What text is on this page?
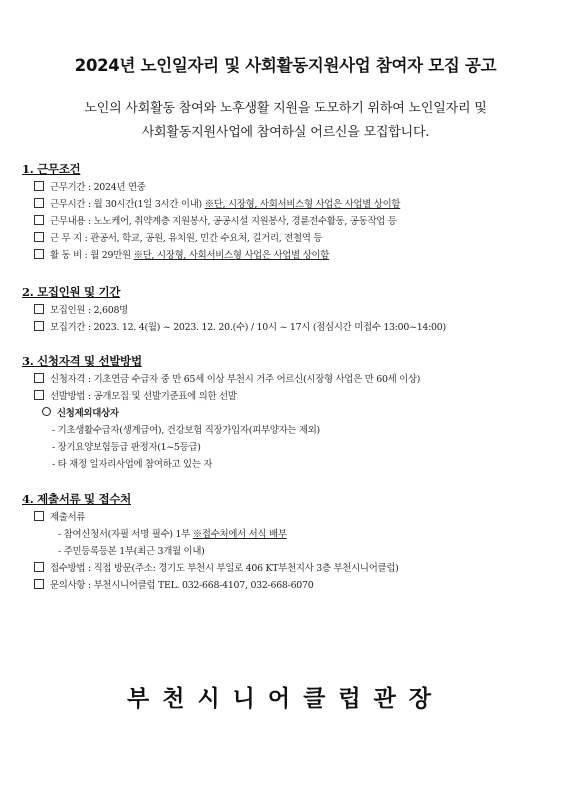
2024년 노인일자리 및 사회활동지원사업 참여자 모집 공고
노인의 사회활동 참여와 노후생활 지원을 도모하기 위하여 노인일자리 및
사회활동지원사업에 참여하실 어르신을 모집합니다.
1. 근무조건
근무기간 : 2024년 연중
근무시간 : 월 30시간(1일 3시간 이내) ※단, 시장형, 사회서비스형 사업은 사업별 상이함
근무내용 : 노노케어, 취약계층 지원봉사, 공공시설 지원봉사, 경륜전수활동, 공동작업 등
근 무 지 : 관공서, 학교, 공원, 유치원, 민간 수요처, 길거리, 전철역 등
활 동 비 : 월 29만원 ※단, 시장형, 사회서비스형 사업은 사업별 상이함
2. 모집인원 및 기간
모집인원 : 2,608명
모집기간 : 2023. 12. 4(월) ~ 2023. 12. 20.(수) / 10시 ~ 17시 (점심시간 미접수 13:00~14:00)
3. 신청자격 및 선발방법
신청자격 : 기초연금 수급자 중 만 65세 이상 부천시 거주 어르신(시장형 사업은 만 60세 이상)
선발방법 : 공개모집 및 선발기준표에 의한 선발
신청제외대상자
- 기초생활수급자(생계급여), 건강보험 직장가입자(피부양자는 제외)
- 장기요양보험등급 판정자(1~5등급)
- 타 재정 일자리사업에 참여하고 있는 자
4. 제출서류 및 접수처
제출서류
- 참여신청서(자필 서명 필수) 1부 ※접수처에서 서식 배부
- 주민등록등본 1부(최근 3개월 이내)
접수방법 : 직접 방문(주소: 경기도 부천시 부일로 406 KT부천지사 3층 부천시니어클럽)
문의사항 : 부천시니어클럽 TEL. 032-668-4107, 032-668-6070
부천시니어클럽관장
